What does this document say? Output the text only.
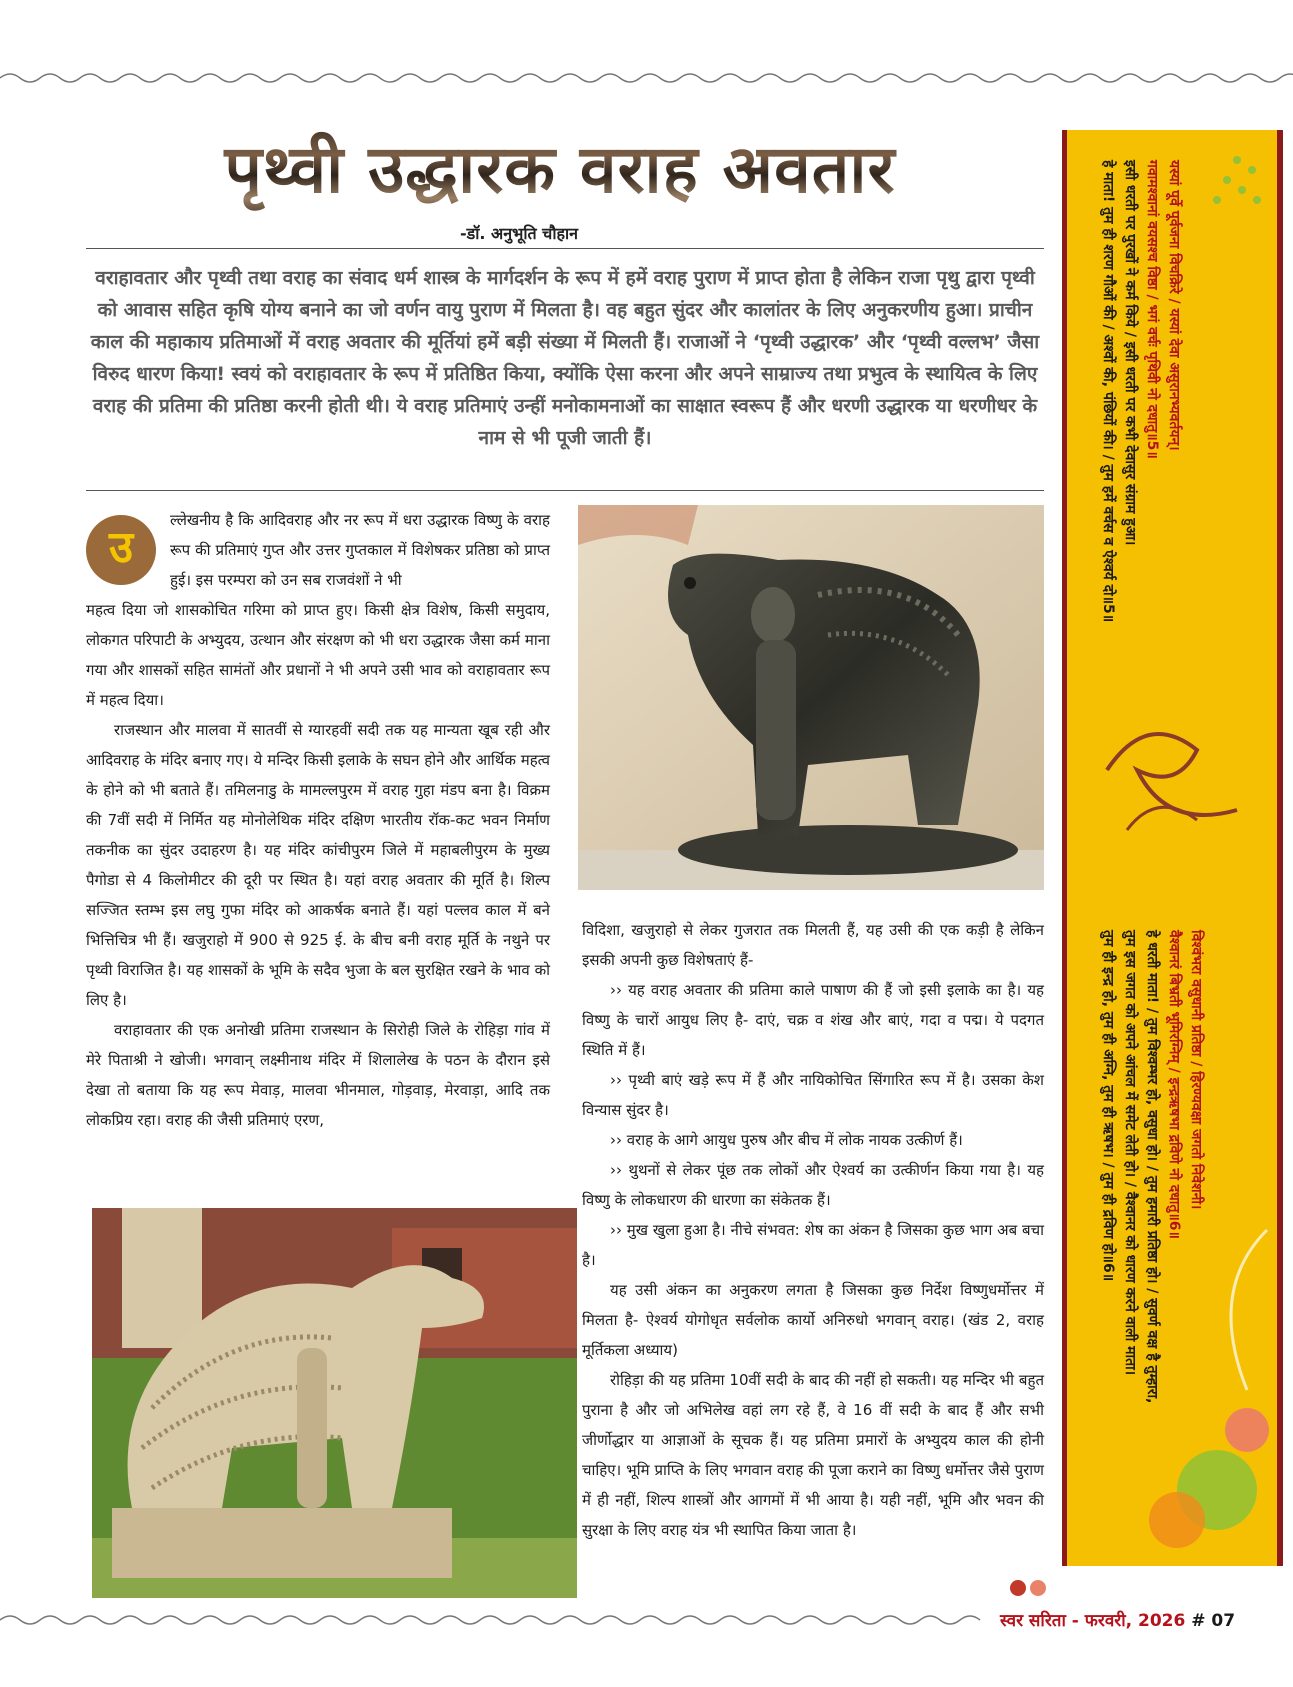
पृथ्वी उद्धारक वराह अवतार
-डॉ. अनुभूति चौहान
वराहावतार और पृथ्वी तथा वराह का संवाद धर्म शास्त्र के मार्गदर्शन के रूप में हमें वराह पुराण में प्राप्त होता है लेकिन राजा पृथु द्वारा पृथ्वी को आवास सहित कृषि योग्य बनाने का जो वर्णन वायु पुराण में मिलता है। वह बहुत सुंदर और कालांतर के लिए अनुकरणीय हुआ। प्राचीन काल की महाकाय प्रतिमाओं में वराह अवतार की मूर्तियां हमें बड़ी संख्या में मिलती हैं। राजाओं ने ‘पृथ्वी उद्धारक’ और ‘पृथ्वी वल्लभ’ जैसा विरुद धारण किया! स्वयं को वराहावतार के रूप में प्रतिष्ठित किया, क्योंकि ऐसा करना और अपने साम्राज्य तथा प्रभुत्व के स्थायित्व के लिए वराह की प्रतिमा की प्रतिष्ठा करनी होती थी। ये वराह प्रतिमाएं उन्हीं मनोकामनाओं का साक्षात स्वरूप हैं और धरणी उद्धारक या धरणीधर के नाम से भी पूजी जाती हैं।
उ
ल्लेखनीय है कि आदिवराह और नर रूप में धरा उद्धारक विष्णु के वराह रूप की प्रतिमाएं गुप्त और उत्तर गुप्तकाल में विशेषकर प्रतिष्ठा को प्राप्त हुई। इस परम्परा को उन सब राजवंशों ने भी

महत्व दिया जो शासकोचित गरिमा को प्राप्त हुए। किसी क्षेत्र विशेष, किसी समुदाय, लोकगत परिपाटी के अभ्युदय, उत्थान और संरक्षण को भी धरा उद्धारक जैसा कर्म माना गया और शासकों सहित सामंतों और प्रधानों ने भी अपने उसी भाव को वराहावतार रूप में महत्व दिया।

राजस्थान और मालवा में सातवीं से ग्यारहवीं सदी तक यह मान्यता खूब रही और आदिवराह के मंदिर बनाए गए। ये मन्दिर किसी इलाके के सघन होने और आर्थिक महत्व के होने को भी बताते हैं। तमिलनाडु के मामल्लपुरम में वराह गुहा मंडप बना है। विक्रम की 7वीं सदी में निर्मित यह मोनोलेथिक मंदिर दक्षिण भारतीय रॉक-कट भवन निर्माण तकनीक का सुंदर उदाहरण है। यह मंदिर कांचीपुरम जिले में महाबलीपुरम के मुख्य पैगोडा से 4 किलोमीटर की दूरी पर स्थित है। यहां वराह अवतार की मूर्ति है। शिल्प सज्जित स्तम्भ इस लघु गुफा मंदिर को आकर्षक बनाते हैं। यहां पल्लव काल में बने भित्तिचित्र भी हैं। खजुराहो में 900 से 925 ई. के बीच बनी वराह मूर्ति के नथुने पर पृथ्वी विराजित है। यह शासकों के भूमि के सदैव भुजा के बल सुरक्षित रखने के भाव को लिए है।

वराहावतार की एक अनोखी प्रतिमा राजस्थान के सिरोही जिले के रोहिड़ा गांव में मेरे पिताश्री ने खोजी। भगवान् लक्ष्मीनाथ मंदिर में शिलालेख के पठन के दौरान इसे देखा तो बताया कि यह रूप मेवाड़, मालवा भीनमाल, गोड़वाड़, मेरवाड़ा, आदि तक लोकप्रिय रहा। वराह की जैसी प्रतिमाएं एरण,

विदिशा, खजुराहो से लेकर गुजरात तक मिलती हैं, यह उसी की एक कड़ी है लेकिन इसकी अपनी कुछ विशेषताएं हैं-

›› यह वराह अवतार की प्रतिमा काले पाषाण की हैं जो इसी इलाके का है। यह विष्णु के चारों आयुध लिए है- दाएं, चक्र व शंख और बाएं, गदा व पद्म। ये पदगत स्थिति में हैं।

›› पृथ्वी बाएं खड़े रूप में हैं और नायिकोचित सिंगारित रूप में है। उसका केश विन्यास सुंदर है।

›› वराह के आगे आयुध पुरुष और बीच में लोक नायक उत्कीर्ण हैं।

›› थुथनों से लेकर पूंछ तक लोकों और ऐश्वर्य का उत्कीर्णन किया गया है। यह विष्णु के लोकधारण की धारणा का संकेतक हैं।

›› मुख खुला हुआ है। नीचे संभवत: शेष का अंकन है जिसका कुछ भाग अब बचा है।

यह उसी अंकन का अनुकरण लगता है जिसका कुछ निर्देश विष्णुधर्मोत्तर में मिलता है- ऐश्वर्य योगोधृत सर्वलोक कार्यो अनिरुधो भगवान् वराह। (खंड 2, वराह मूर्तिकला अध्याय)

रोहिड़ा की यह प्रतिमा 10वीं सदी के बाद की नहीं हो सकती। यह मन्दिर भी बहुत पुराना है और जो अभिलेख वहां लग रहे हैं, वे 16 वीं सदी के बाद हैं और सभी जीर्णोद्धार या आज्ञाओं के सूचक हैं। यह प्रतिमा प्रमारों के अभ्युदय काल की होनी चाहिए। भूमि प्राप्ति के लिए भगवान वराह की पूजा कराने का विष्णु धर्मोत्तर जैसे पुराण में ही नहीं, शिल्प शास्त्रों और आगमों में भी आया है। यही नहीं, भूमि और भवन की सुरक्षा के लिए वराह यंत्र भी स्थापित किया जाता है।

यस्यां पूर्वे पूर्वजना विचक्रिरे / यस्यां देवा असुरानभ्यवर्तयन्।
गवामश्वानां वयसश्च विष्ठा / भगं वर्चः पृथिवी नो दधातु॥5॥
इसी धरती पर पुरखों ने कर्म किये / इसी धरती पर कभी देवासुर संग्राम हुआ।
हे माता! तुम ही शरण गौओं की / अश्वों की, पंछियों की। / तुम हमें वर्चस व ऐश्वर्य दो॥5॥
विश्वंभरा वसुधानी प्रतिष्ठा / हिरण्यवक्षा जगतो निवेशनी।
वैश्वानरं बिभ्रती भूमिरग्निम् / इन्द्रऋषभा द्रविणे नो दधातु॥6॥
हे धरती माता! / तुम विश्वम्भर हो, वसुधा हो। / तुम हमारी प्रतिष्ठा हो। / सुवर्ण वक्ष है तुम्हारा,
तुम इस जगत को अपने आंचल में समेट लेती हो। / वैश्वानर को धारण करने वाली माता।
तुम ही इन्द्र हो, तुम ही अग्नि, तुम ही ऋषभ। / तुम ही द्रविण हो॥6॥
स्वर सरिता - फरवरी, 2026 # 07
